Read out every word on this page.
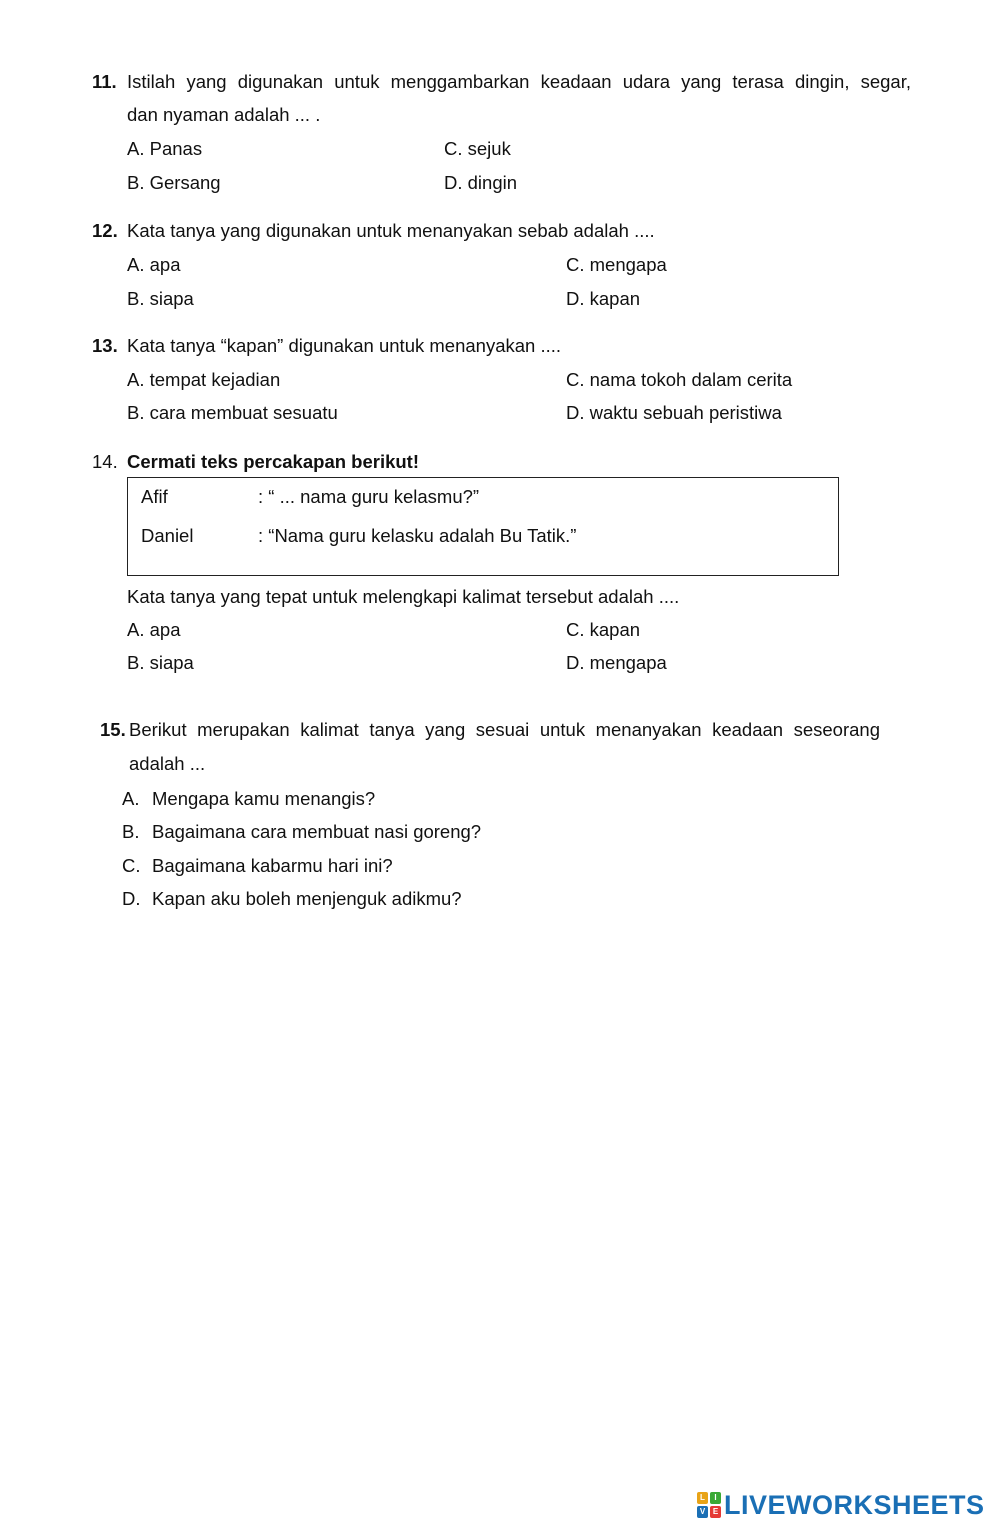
11. Istilah yang digunakan untuk menggambarkan keadaan udara yang terasa dingin, segar,
dan nyaman adalah ... .
A. Panas	C. sejuk
B. Gersang	D. dingin
12. Kata tanya yang digunakan untuk menanyakan sebab adalah ....
A. apa	C. mengapa
B. siapa	D. kapan
13. Kata tanya “kapan” digunakan untuk menanyakan ....
A. tempat kejadian	C. nama tokoh dalam cerita
B. cara membuat sesuatu	D. waktu sebuah peristiwa
14. Cermati teks percakapan berikut!
Afif	: “ ... nama guru kelasmu?”
Daniel	: “Nama guru kelasku adalah Bu Tatik.”
Kata tanya yang tepat untuk melengkapi kalimat tersebut adalah ....
A. apa	C. kapan
B. siapa	D. mengapa
15. Berikut merupakan kalimat tanya yang sesuai untuk menanyakan keadaan seseorang
adalah ...
A. Mengapa kamu menangis?
B. Bagaimana cara membuat nasi goreng?
C. Bagaimana kabarmu hari ini?
D. Kapan aku boleh menjenguk adikmu?
L	I
V E LIVEWORKSHEETS
